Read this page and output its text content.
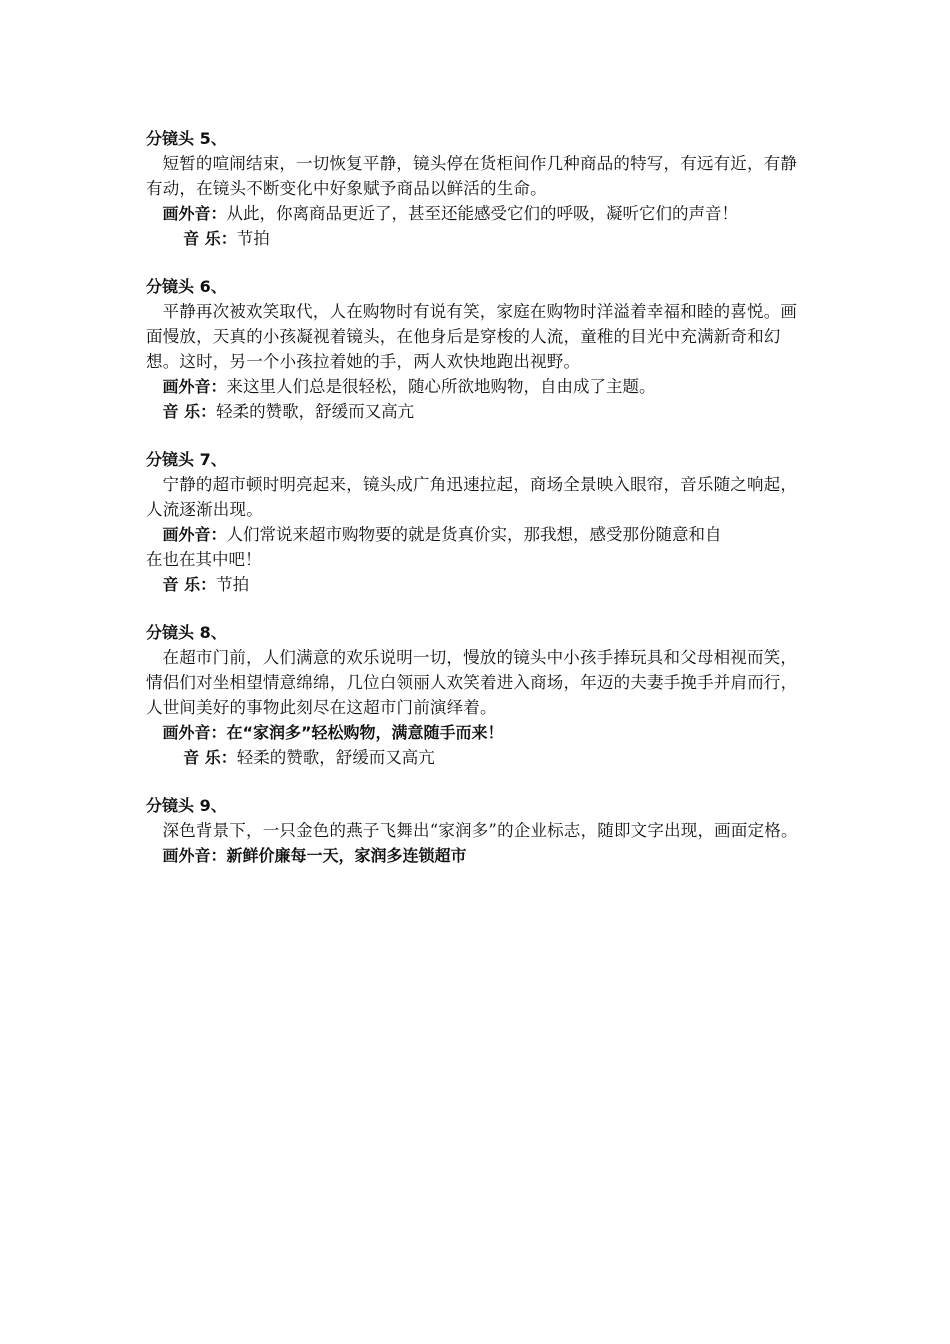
分镜头 5、

短暂的喧闹结束，一切恢复平静，镜头停在货柜间作几种商品的特写，有远有近，有静有动，在镜头不断变化中好象赋予商品以鲜活的生命。

画外音：从此，你离商品更近了，甚至还能感受它们的呼吸，凝听它们的声音！

音 乐：节拍

分镜头 6、

平静再次被欢笑取代，人在购物时有说有笑，家庭在购物时洋溢着幸福和睦的喜悦。画面慢放，天真的小孩凝视着镜头，在他身后是穿梭的人流，童稚的目光中充满新奇和幻想。这时，另一个小孩拉着她的手，两人欢快地跑出视野。

画外音：来这里人们总是很轻松，随心所欲地购物，自由成了主题。

音 乐：轻柔的赞歌，舒缓而又高亢

分镜头 7、

宁静的超市顿时明亮起来，镜头成广角迅速拉起，商场全景映入眼帘，音乐随之响起，人流逐渐出现。

画外音：人们常说来超市购物要的就是货真价实，那我想，感受那份随意和自

在也在其中吧！

音 乐：节拍

分镜头 8、

在超市门前，人们满意的欢乐说明一切，慢放的镜头中小孩手捧玩具和父母相视而笑，情侣们对坐相望情意绵绵，几位白领丽人欢笑着进入商场，年迈的夫妻手挽手并肩而行，人世间美好的事物此刻尽在这超市门前演绎着。

画外音：在“家润多”轻松购物，满意随手而来！

音 乐：轻柔的赞歌，舒缓而又高亢

分镜头 9、

深色背景下，一只金色的燕子飞舞出“家润多”的企业标志，随即文字出现，画面定格。

画外音：新鲜价廉每一天，家润多连锁超市
